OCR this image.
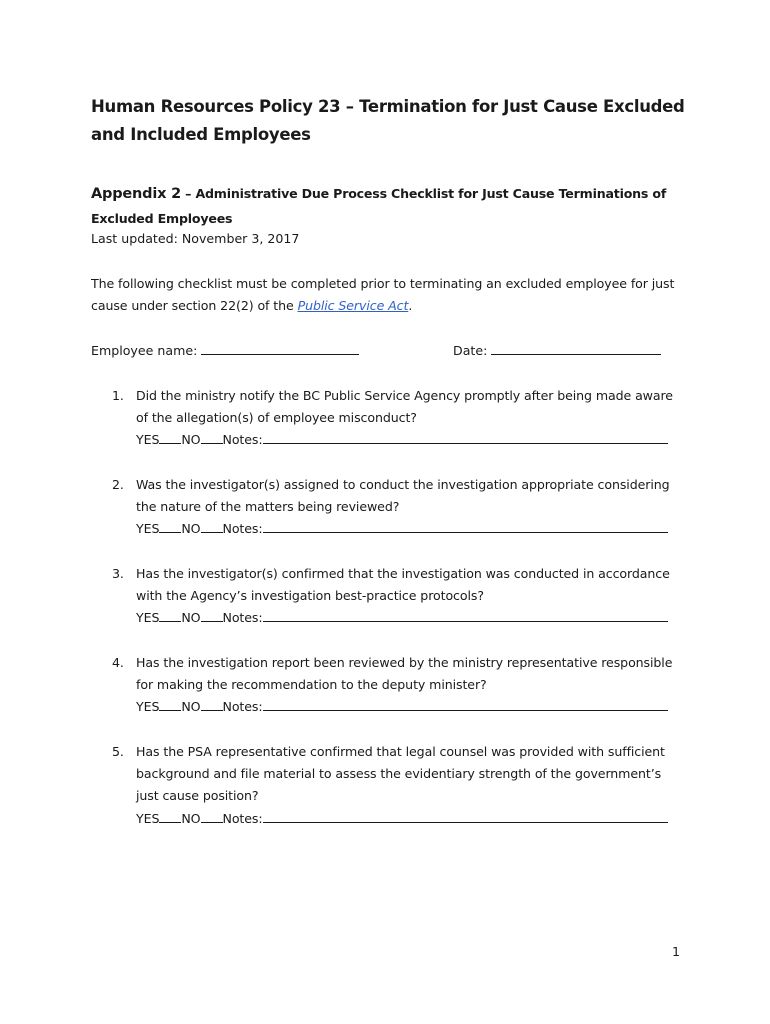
Human Resources Policy 23 – Termination for Just Cause Excluded and Included Employees

Appendix 2 – Administrative Due Process Checklist for Just Cause Terminations of Excluded Employees

Last updated: November 3, 2017

The following checklist must be completed prior to terminating an excluded employee for just cause under section 22(2) of the Public Service Act.

Employee name:	Date:

1. Did the ministry notify the BC Public Service Agency promptly after being made aware of the allegation(s) of employee misconduct?

YES NO Notes:
2. Was the investigator(s) assigned to conduct the investigation appropriate considering the nature of the matters being reviewed?

YES NO Notes:
3. Has the investigator(s) confirmed that the investigation was conducted in accordance with the Agency’s investigation best-practice protocols?

YES NO Notes:
4. Has the investigation report been reviewed by the ministry representative responsible for making the recommendation to the deputy minister?

YES NO Notes:
5. Has the PSA representative confirmed that legal counsel was provided with sufficient background and file material to assess the evidentiary strength of the government’s just cause position?

YES NO Notes:

1
